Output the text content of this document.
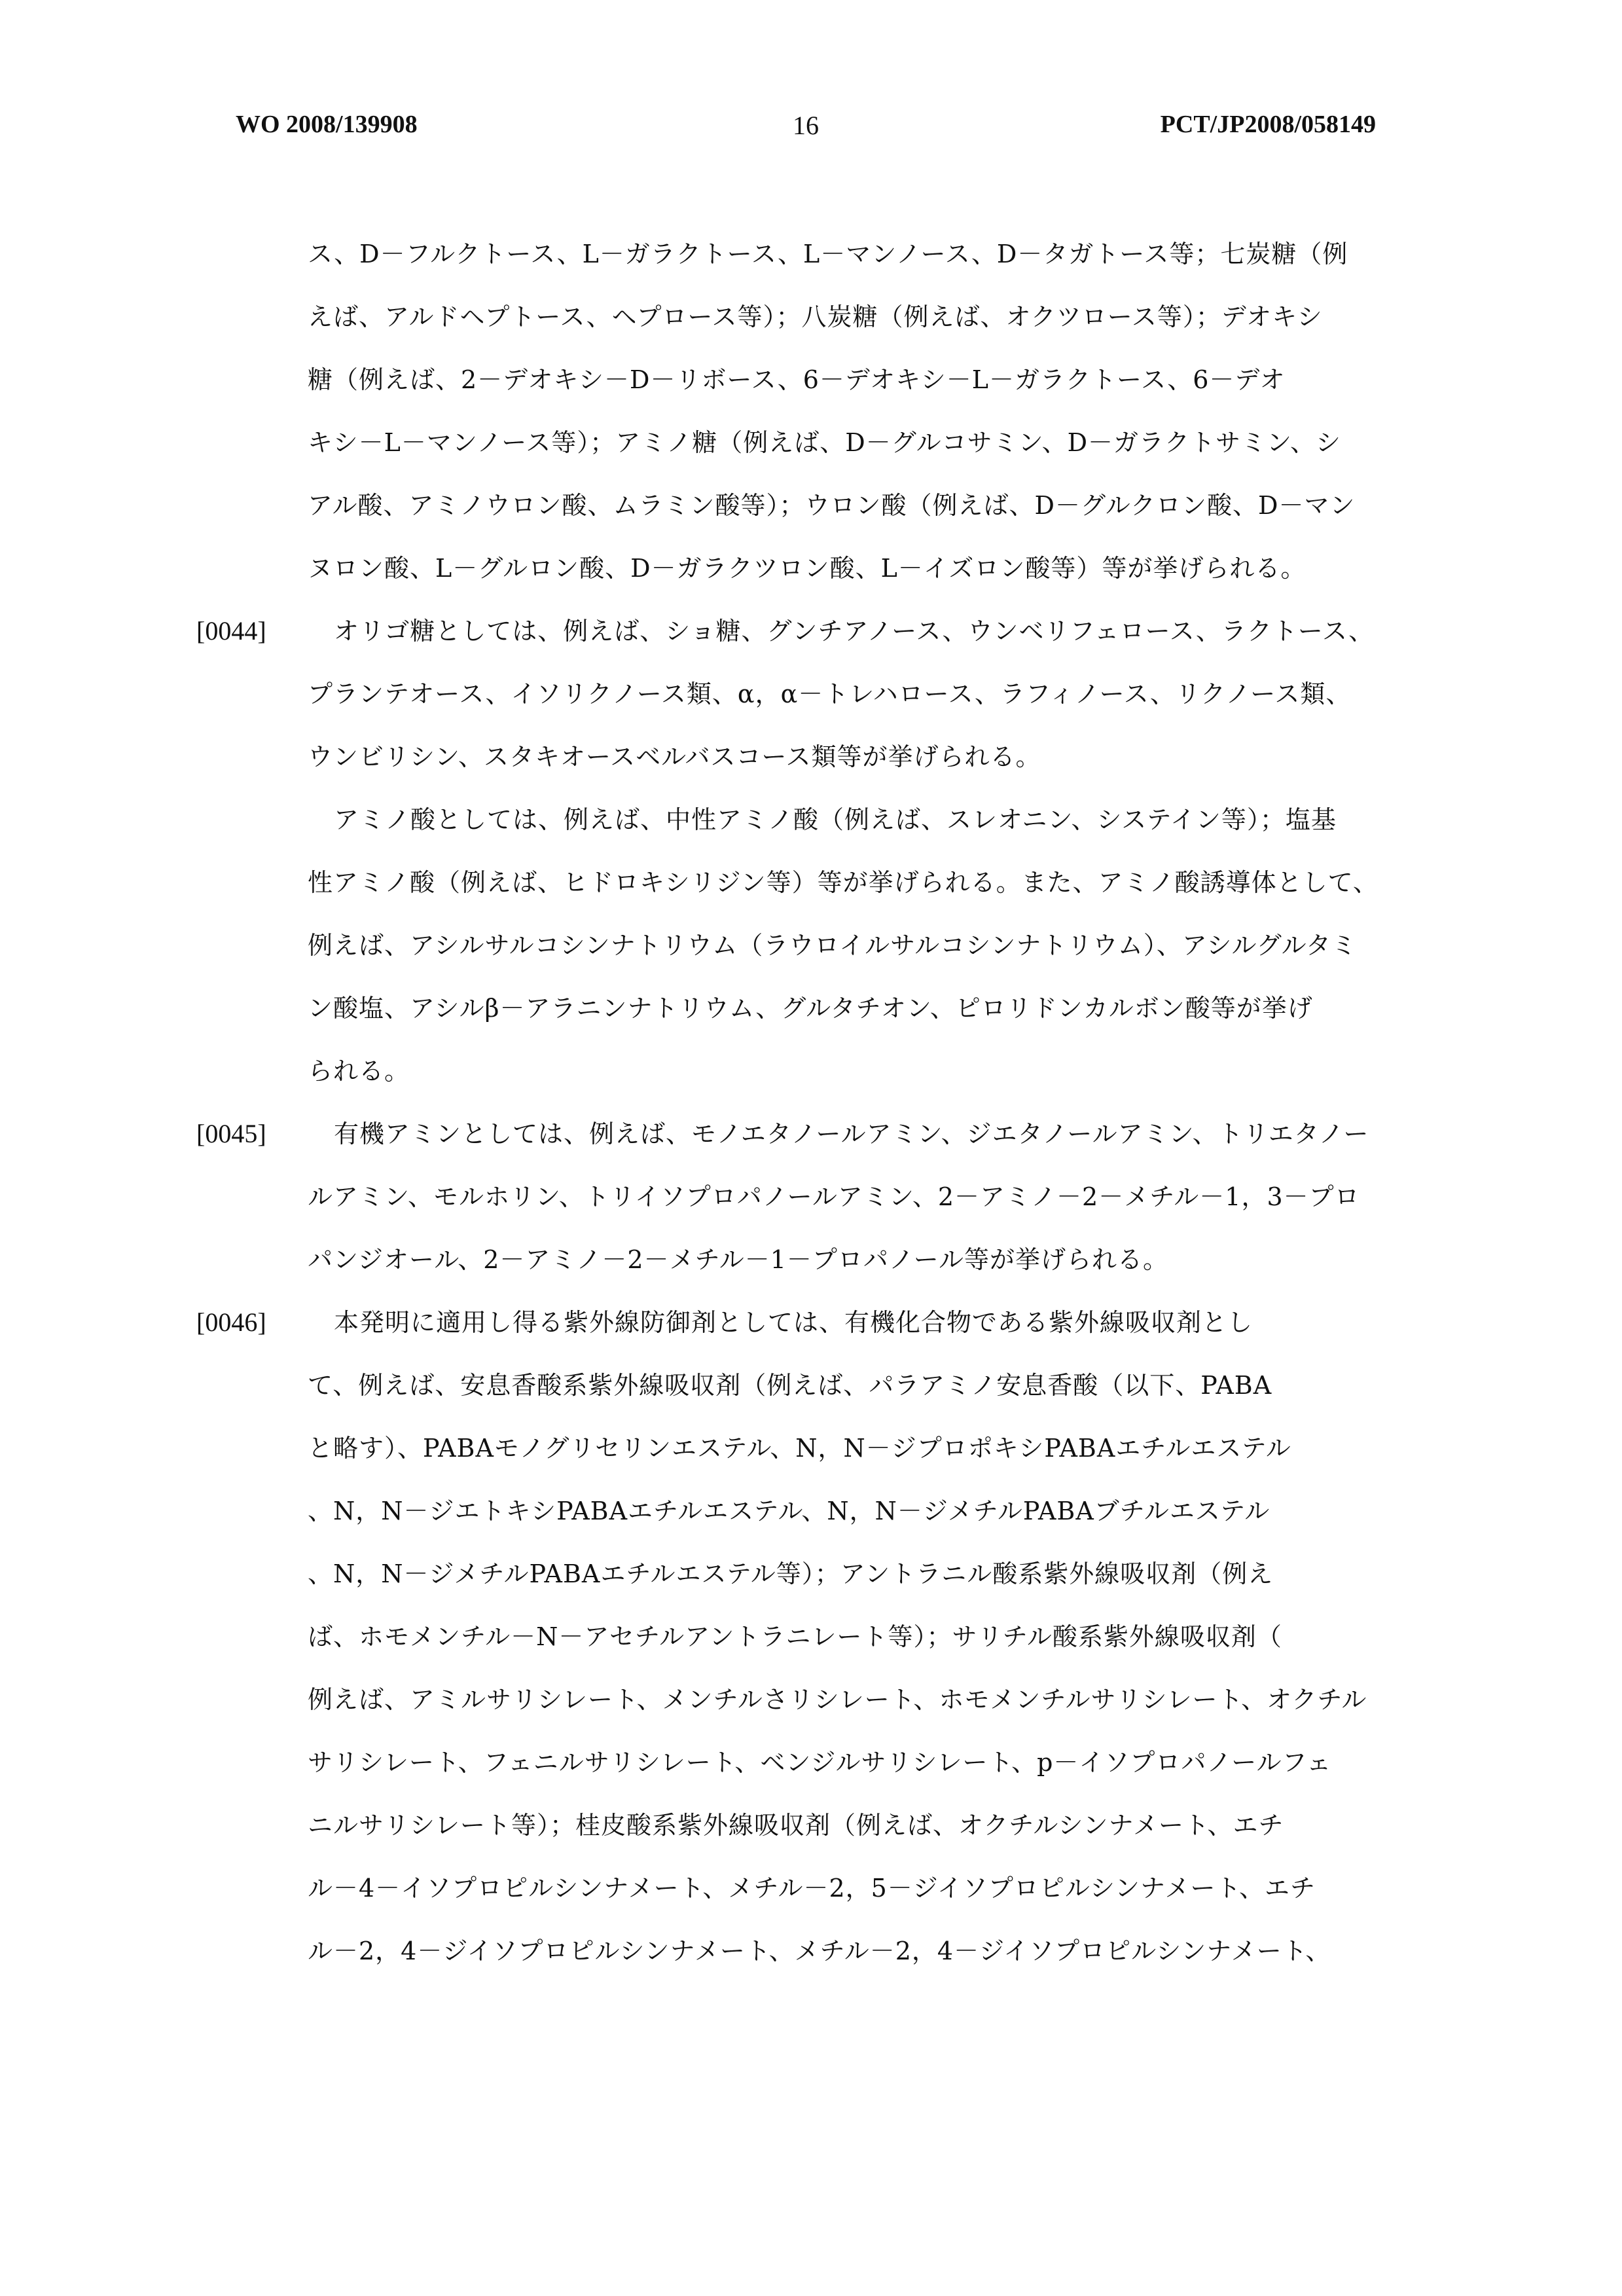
16
WO 2008/139908	PCT/JP2008/058149
ス、D－フルクトース、L－ガラクトース、L－マンノース、D－タガトース等；七炭糖（例
えば、アルドヘプトース、ヘプロース等）；八炭糖（例えば、オクツロース等）；デオキシ
糖（例えば、2－デオキシ－D－リボース、6－デオキシ－L－ガラクトース、6－デオ
キシ－L－マンノース等）；アミノ糖（例えば、D－グルコサミン、D－ガラクトサミン、シ
アル酸、アミノウロン酸、ムラミン酸等）；ウロン酸（例えば、D－グルクロン酸、D－マン
ヌロン酸、L－グルロン酸、D－ガラクツロン酸、L－イズロン酸等）等が挙げられる。
[0044]	オリゴ糖としては、例えば、ショ糖、グンチアノース、ウンベリフェロース、ラクトース、
プランテオース、イソリクノース類、α，α－トレハロース、ラフィノース、リクノース類、
ウンビリシン、スタキオースベルバスコース類等が挙げられる。
アミノ酸としては、例えば、中性アミノ酸（例えば、スレオニン、システイン等）；塩基
性アミノ酸（例えば、ヒドロキシリジン等）等が挙げられる。また、アミノ酸誘導体として、
例えば、アシルサルコシンナトリウム（ラウロイルサルコシンナトリウム）、アシルグルタミ
ン酸塩、アシルβ－アラニンナトリウム、グルタチオン、ピロリドンカルボン酸等が挙げ
られる。
[0045]	有機アミンとしては、例えば、モノエタノールアミン、ジエタノールアミン、トリエタノー
ルアミン、モルホリン、トリイソプロパノールアミン、2－アミノ－2－メチル－1，3－プロ
パンジオール、2－アミノ－2－メチル－1－プロパノール等が挙げられる。
[0046]	本発明に適用し得る紫外線防御剤としては、有機化合物である紫外線吸収剤とし
て、例えば、安息香酸系紫外線吸収剤（例えば、パラアミノ安息香酸（以下、PABA
と略す）、PABAモノグリセリンエステル、N，N－ジプロポキシPABAエチルエステル
、N，N－ジエトキシPABAエチルエステル、N，N－ジメチルPABAブチルエステル
、N，N－ジメチルPABAエチルエステル等）；アントラニル酸系紫外線吸収剤（例え
ば、ホモメンチル－N－アセチルアントラニレート等）；サリチル酸系紫外線吸収剤（
例えば、アミルサリシレート、メンチルさリシレート、ホモメンチルサリシレート、オクチル
サリシレート、フェニルサリシレート、ベンジルサリシレート、p－イソプロパノールフェ
ニルサリシレート等）；桂皮酸系紫外線吸収剤（例えば、オクチルシンナメート、エチ
ル－4－イソプロピルシンナメート、メチル－2，5－ジイソプロピルシンナメート、エチ
ル－2，4－ジイソプロピルシンナメート、メチル－2，4－ジイソプロピルシンナメート、
